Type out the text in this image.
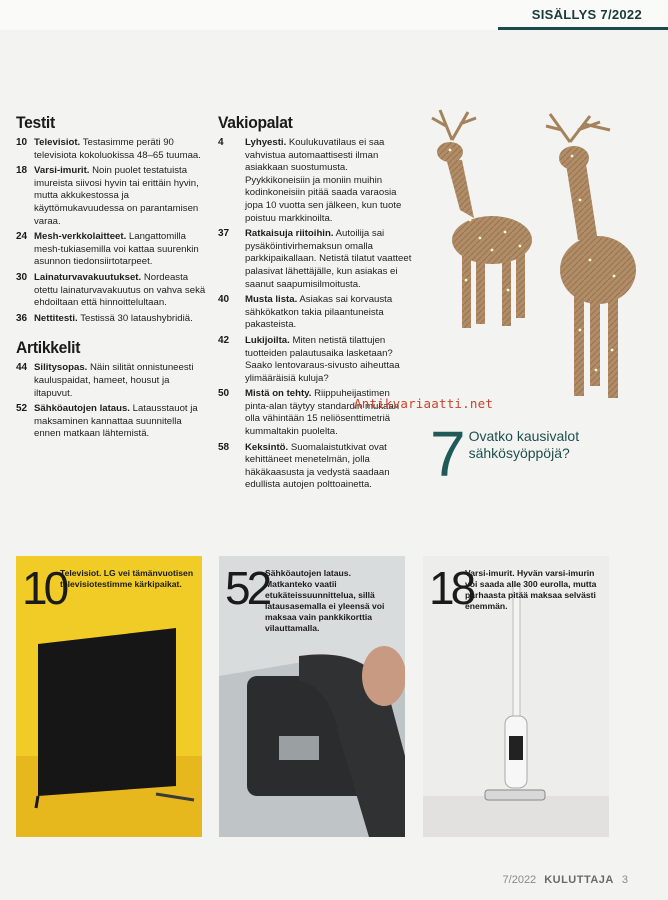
SISÄLLYS 7/2022
Testit
10 Televisiot. Testasimme peräti 90 televisiota kokoluokissa 48–65 tuumaa.
18 Varsi-imurit. Noin puolet testatuista imureista siivosi hyvin tai erittäin hyvin, mutta akkukestossa ja käyttömukavuudessa on parantamisen varaa.
24 Mesh-verkkolaitteet. Langattomilla mesh-tukiasemilla voi kattaa suurenkin asunnon tiedonsiirtotarpeet.
30 Lainaturvavakuutukset. Nordeasta otettu lainaturvavakuutus on vahva sekä ehdoiltaan että hinnoittelultaan.
36 Nettitesti. Testissä 30 lataushybridiä.
Artikkelit
44 Silitysopas. Näin silität onnistuneesti kauluspaidat, hameet, housut ja iltapuvut.
52 Sähköautojen lataus. Latausstauot ja maksaminen kannattaa suunnitella ennen matkaan lähtemistä.
Vakiopalat
4	Lyhyesti. Koulukuvatilaus ei saa vahvistua automaattisesti ilman asiakkaan suostumusta. Pyykkikoneisiin ja moniin muihin kodinkoneisiin pitää saada varaosia jopa 10 vuotta sen jälkeen, kun tuote poistuu markkinoilta.
37	Ratkaisuja riitoihin. Autoilija sai pysäköintivirhemaksun omalla parkkipaikallaan. Netistä tilatut vaatteet palasivat lähettäjälle, kun asiakas ei saanut saapumisilmoitusta.
40	Musta lista. Asiakas sai korvausta sähkökatkon takia pilaantuneista pakasteista.
42	Lukijoilta. Miten netistä tilattujen tuotteiden palautusaika lasketaan? Saako lentovaraus-sivusto aiheuttaa ylimääräisiä kuluja?
50	Mistä on tehty. Riippuheijastimen pinta-alan täytyy standardin mukaan olla vähintään 15 neliösenttimetriä kummaltakin puolelta.
58	Keksintö. Suomalaistutkivat ovat kehittäneet menetelmän, jolla häkäkaasusta ja vedystä saadaan edullista autojen polttoainetta.
Antikvariaatti.net
7 Ovatko kausivalot sähkösyöppöjä?
10
Televisiot. LG vei tämänvuotisen televisiotestimme kärkipaikat. 52
Sähköautojen lataus. Matkanteko vaatii etukäteissuunnittelua, sillä latausasemalla ei yleensä voi maksaa vain pankkikorttia vilauttamalla.
18
Varsi-imurit. Hyvän varsi-imurin voi saada alle 300 eurolla, mutta parhaasta pitää maksaa selvästi enemmän.
7/2022 KULUTTAJA 3
